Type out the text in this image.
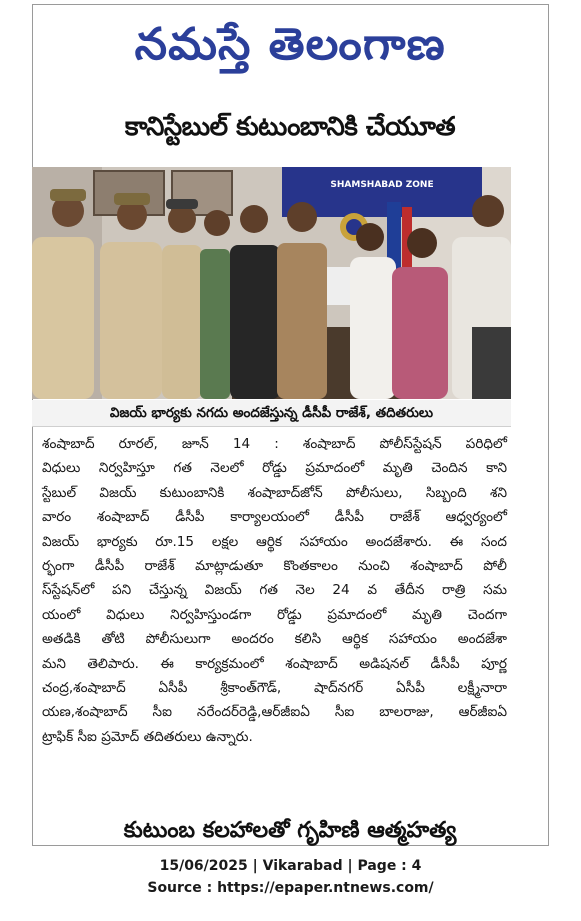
నమస్తే తెలంగాణ
కానిస్టేబుల్ కుటుంబానికి చేయూత
SHAMSHABAD ZONE
విజయ్ భార్యకు నగదు అందజేస్తున్న డీసీపీ రాజేశ్, తదితరులు
శంషాబాద్ రూరల్, జూన్ 14 : శంషాబాద్ పోలీస్‌స్టేషన్ పరిధిలో
విధులు నిర్వహిస్తూ గత నెలలో రోడ్డు ప్రమాదంలో మృతి చెందిన కాని
స్టేబుల్ విజయ్ కుటుంబానికి శంషాబాద్‌జోన్ పోలీసులు, సిబ్బంది శని
వారం శంషాబాద్ డీసీపీ కార్యాలయంలో డీసీపీ రాజేశ్ ఆధ్వర్యంలో
విజయ్ భార్యకు రూ.15 లక్షల ఆర్థిక సహాయం అందజేశారు. ఈ సంద
ర్భంగా డీసీపీ రాజేశ్ మాట్లాడుతూ కొంతకాలం నుంచి శంషాబాద్ పోలీ
స్‌స్టేషన్‌లో పని చేస్తున్న విజయ్ గత నెల 24 వ తేదీన రాత్రి సమ
యంలో విధులు నిర్వహిస్తుండగా రోడ్డు ప్రమాదంలో మృతి చెందగా
అతడికి తోటి పోలీసులుగా అందరం కలిసి ఆర్థిక సహాయం అందజేశా
మని తెలిపారు. ఈ కార్యక్రమంలో శంషాబాద్ అడిషనల్ డీసీపీ పూర్ణ
చంద్ర,శంషాబాద్ ఏసీపీ శ్రీకాంత్‌గౌడ్, షాద్‌నగర్ ఏసీపీ లక్ష్మీనారా
యణ,శంషాబాద్ సీఐ నరేందర్‌రెడ్డి,ఆర్‌జీఐఏ సీఐ బాలరాజు, ఆర్‌జీఐఏ
ట్రాఫిక్ సీఐ ప్రమోద్ తదితరులు ఉన్నారు.
కుటుంబ కలహాలతో గృహిణి ఆత్మహత్య
15/06/2025 | Vikarabad | Page : 4
Source : https://epaper.ntnews.com/
